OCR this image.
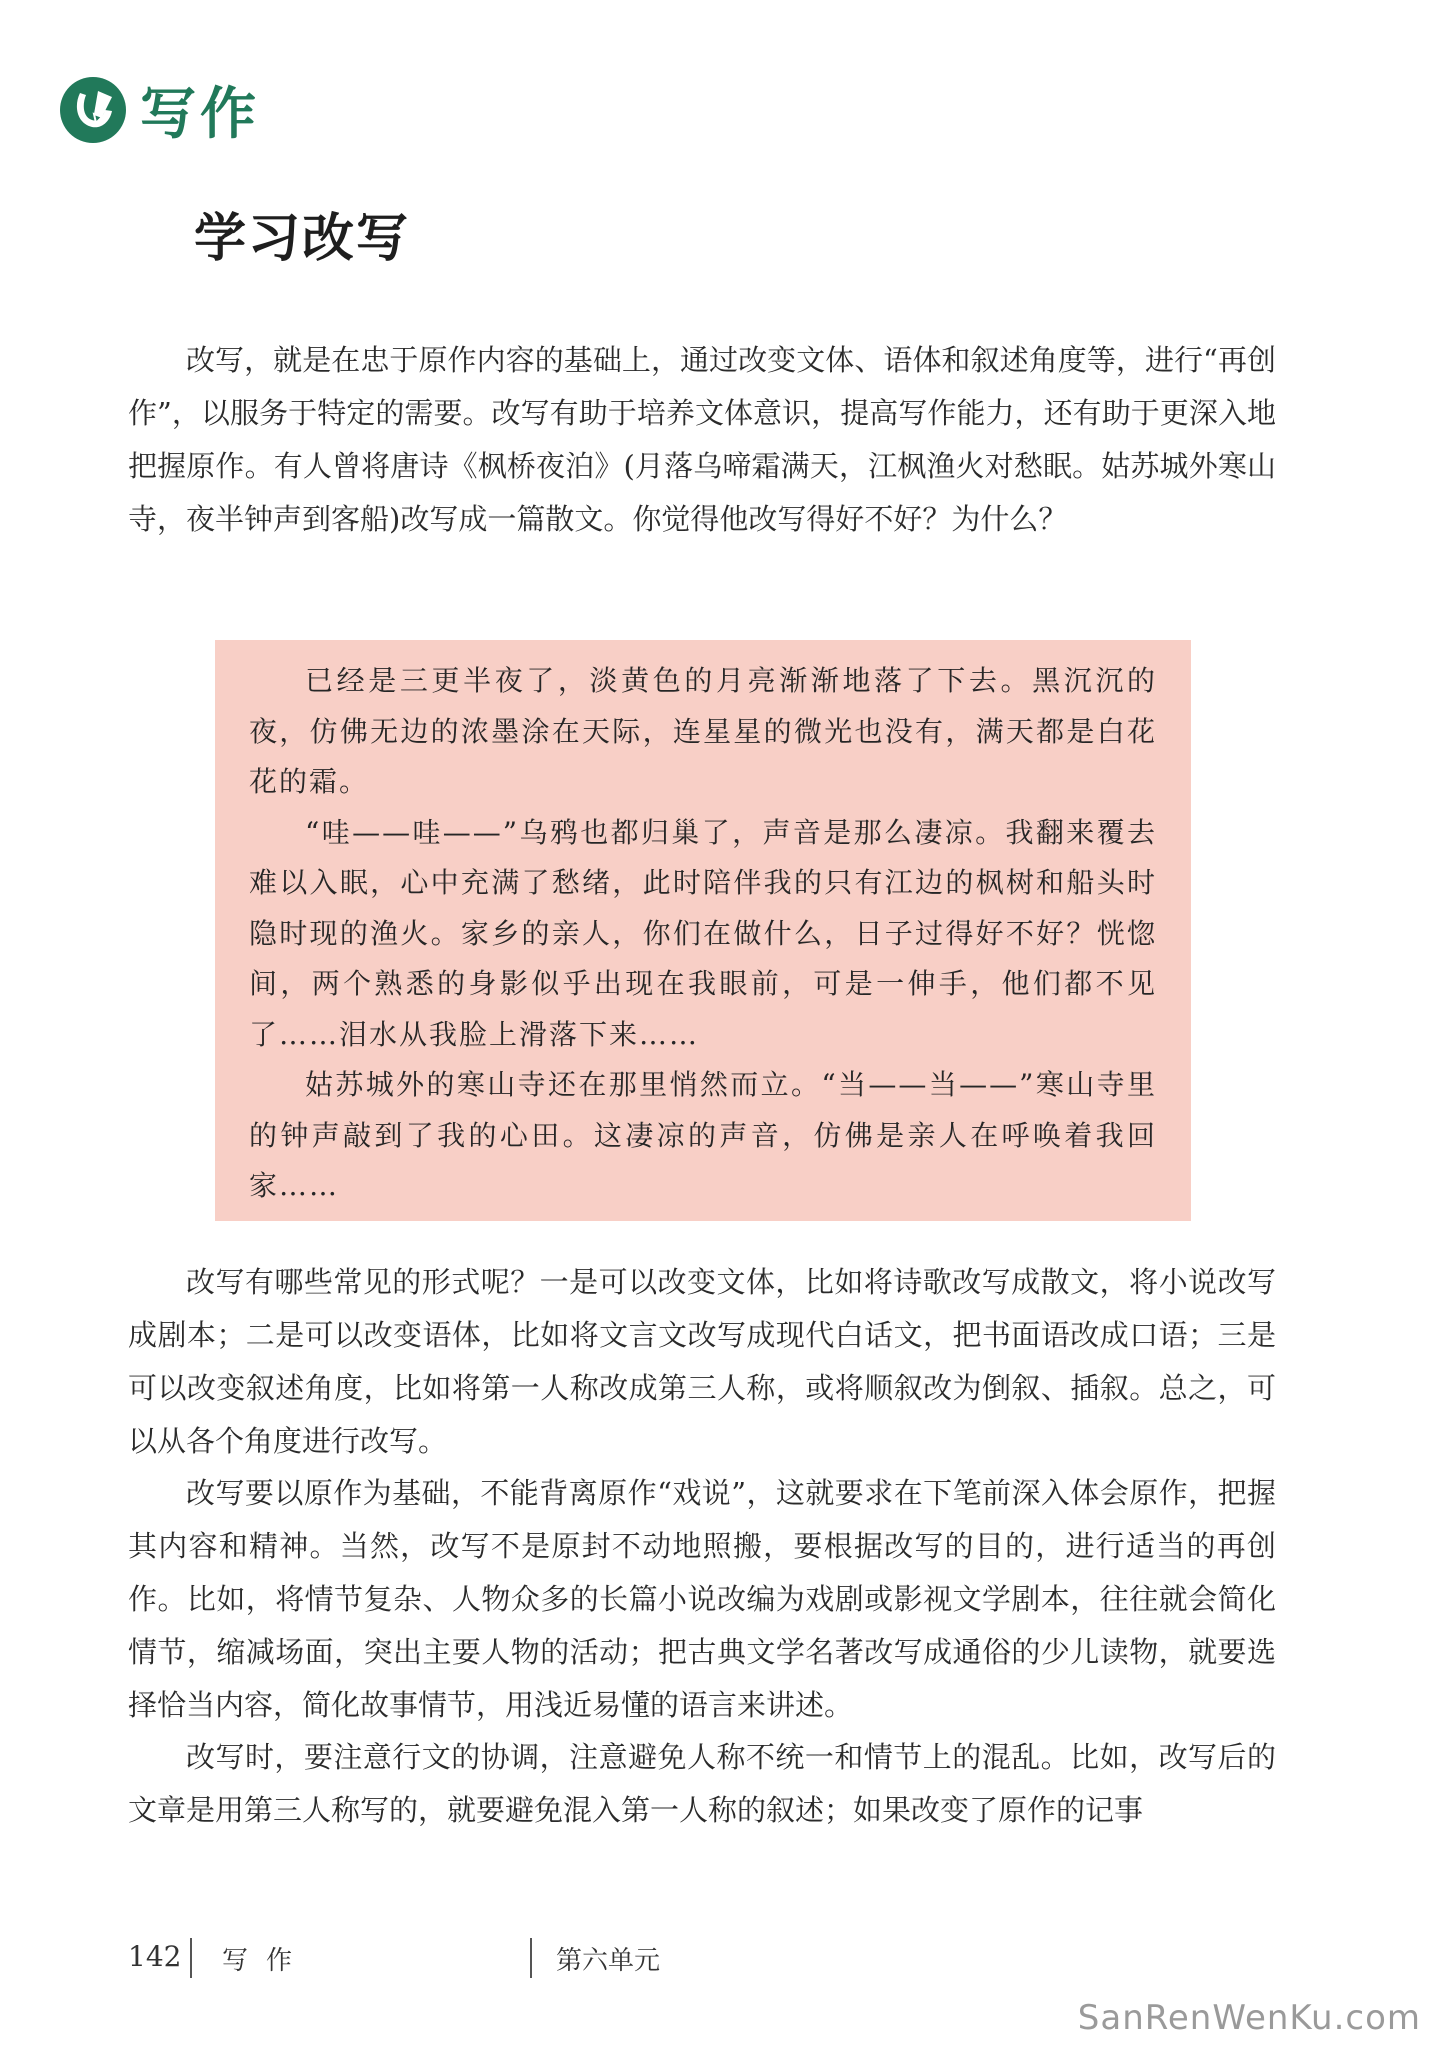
写作
学习改写

改写，就是在忠于原作内容的基础上，通过改变文体、语体和叙述角度等，进行“再创作”，以服务于特定的需要。改写有助于培养文体意识，提高写作能力，还有助于更深入地把握原作。有人曾将唐诗《枫桥夜泊》(月落乌啼霜满天，江枫渔火对愁眠。姑苏城外寒山寺，夜半钟声到客船)改写成一篇散文。你觉得他改写得好不好？为什么？

已经是三更半夜了，淡黄色的月亮渐渐地落了下去。黑沉沉的夜，仿佛无边的浓墨涂在天际，连星星的微光也没有，满天都是白花花的霜。

“哇——哇——”乌鸦也都归巢了，声音是那么凄凉。我翻来覆去难以入眠，心中充满了愁绪，此时陪伴我的只有江边的枫树和船头时隐时现的渔火。家乡的亲人，你们在做什么，日子过得好不好？恍惚间，两个熟悉的身影似乎出现在我眼前，可是一伸手，他们都不见了……泪水从我脸上滑落下来……

姑苏城外的寒山寺还在那里悄然而立。“当——当——”寒山寺里的钟声敲到了我的心田。这凄凉的声音，仿佛是亲人在呼唤着我回家……

改写有哪些常见的形式呢？一是可以改变文体，比如将诗歌改写成散文，将小说改写成剧本；二是可以改变语体，比如将文言文改写成现代白话文，把书面语改成口语；三是可以改变叙述角度，比如将第一人称改成第三人称，或将顺叙改为倒叙、插叙。总之，可以从各个角度进行改写。

改写要以原作为基础，不能背离原作“戏说”，这就要求在下笔前深入体会原作，把握其内容和精神。当然，改写不是原封不动地照搬，要根据改写的目的，进行适当的再创作。比如，将情节复杂、人物众多的长篇小说改编为戏剧或影视文学剧本，往往就会简化情节，缩减场面，突出主要人物的活动；把古典文学名著改写成通俗的少儿读物，就要选择恰当内容，简化故事情节，用浅近易懂的语言来讲述。

改写时，要注意行文的协调，注意避免人称不统一和情节上的混乱。比如，改写后的文章是用第三人称写的，就要避免混入第一人称的叙述；如果改变了原作的记事

142 写作	第六单元
SanRenWenKu.com
